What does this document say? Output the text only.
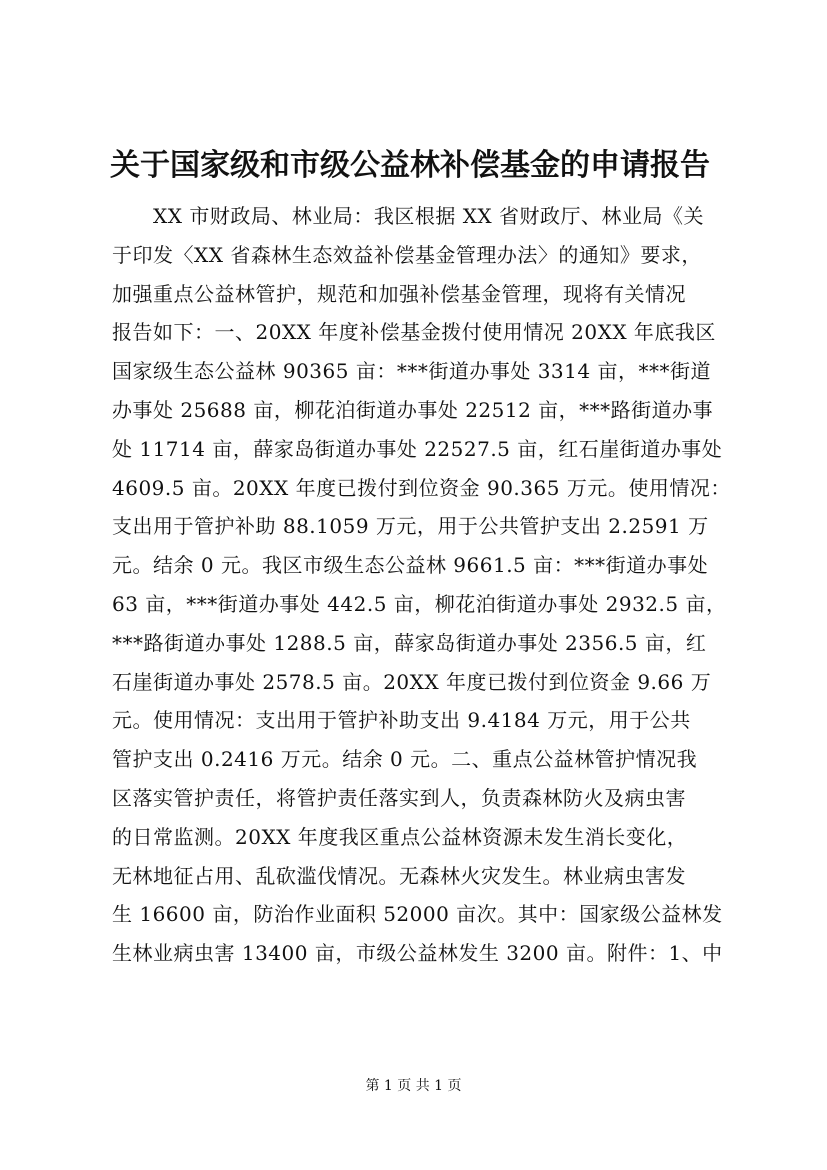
关于国家级和市级公益林补偿基金的申请报告
　　XX 市财政局、林业局：我区根据 XX 省财政厅、林业局《关
于印发〈XX 省森林生态效益补偿基金管理办法〉的通知》要求，
加强重点公益林管护，规范和加强补偿基金管理，现将有关情况
报告如下：一、20XX 年度补偿基金拨付使用情况 20XX 年底我区
国家级生态公益林 90365 亩：***街道办事处 3314 亩，***街道
办事处 25688 亩，柳花泊街道办事处 22512 亩，***路街道办事
处 11714 亩，薛家岛街道办事处 22527.5 亩，红石崖街道办事处
4609.5 亩。20XX 年度已拨付到位资金 90.365 万元。使用情况：
支出用于管护补助 88.1059 万元，用于公共管护支出 2.2591 万
元。结余 0 元。我区市级生态公益林 9661.5 亩：***街道办事处
63 亩，***街道办事处 442.5 亩，柳花泊街道办事处 2932.5 亩，
***路街道办事处 1288.5 亩，薛家岛街道办事处 2356.5 亩，红
石崖街道办事处 2578.5 亩。20XX 年度已拨付到位资金 9.66 万
元。使用情况：支出用于管护补助支出 9.4184 万元，用于公共
管护支出 0.2416 万元。结余 0 元。二、重点公益林管护情况我
区落实管护责任，将管护责任落实到人，负责森林防火及病虫害
的日常监测。20XX 年度我区重点公益林资源未发生消长变化，
无林地征占用、乱砍滥伐情况。无森林火灾发生。林业病虫害发
生 16600 亩，防治作业面积 52000 亩次。其中：国家级公益林发
生林业病虫害 13400 亩，市级公益林发生 3200 亩。附件：1、中
第 1 页 共 1 页
